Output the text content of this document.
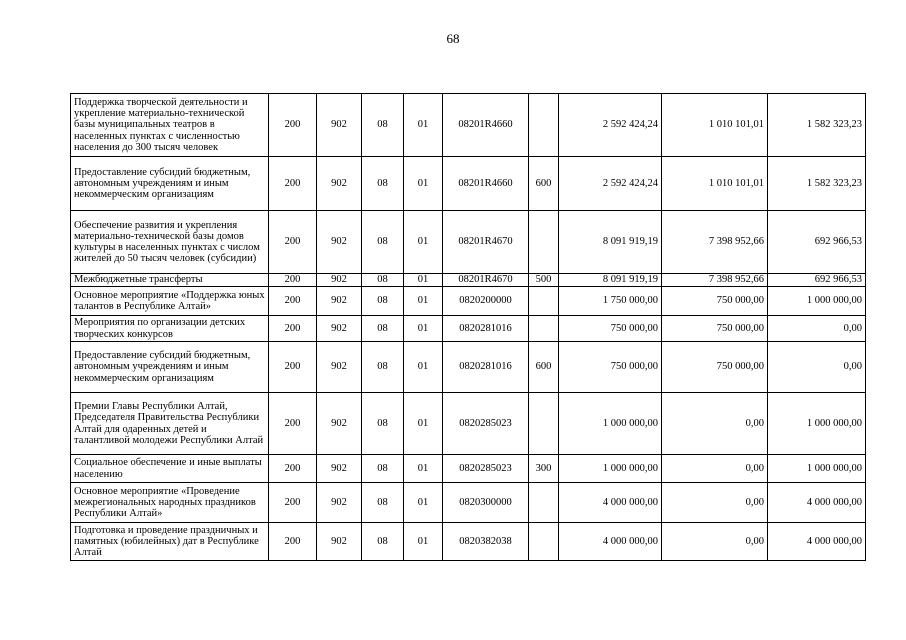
68
Поддержка творческой деятельности и укрепление материально-технической базы муниципальных театров в населенных пунктах с численностью населения до 300 тысяч человек	200	902	08	01	08201R4660		2 592 424,24	1 010 101,01	1 582 323,23
Предоставление субсидий бюджетным, автономным учреждениям и иным некоммерческим организациям	200	902	08	01	08201R4660	600	2 592 424,24	1 010 101,01	1 582 323,23
Обеспечение развития и укрепления материально-технической базы домов культуры в населенных пунктах с числом жителей до 50 тысяч человек (субсидии)	200	902	08	01	08201R4670		8 091 919,19	7 398 952,66	692 966,53
Межбюджетные трансферты	200	902	08	01	08201R4670	500	8 091 919,19	7 398 952,66	692 966,53
Основное мероприятие «Поддержка юных талантов в Республике Алтай»	200	902	08	01	0820200000		1 750 000,00	750 000,00	1 000 000,00
Мероприятия по организации детских творческих конкурсов	200	902	08	01	0820281016		750 000,00	750 000,00	0,00
Предоставление субсидий бюджетным, автономным учреждениям и иным некоммерческим организациям	200	902	08	01	0820281016	600	750 000,00	750 000,00	0,00
Премии Главы Республики Алтай, Председателя Правительства Республики Алтай для одаренных детей и талантливой молодежи Республики Алтай	200	902	08	01	0820285023		1 000 000,00	0,00	1 000 000,00
Социальное обеспечение и иные выплаты населению	200	902	08	01	0820285023	300	1 000 000,00	0,00	1 000 000,00
Основное мероприятие «Проведение межрегиональных народных праздников Республики Алтай»	200	902	08	01	0820300000		4 000 000,00	0,00	4 000 000,00
Подготовка и проведение праздничных и памятных (юбилейных) дат в Республике Алтай	200	902	08	01	0820382038		4 000 000,00	0,00	4 000 000,00
